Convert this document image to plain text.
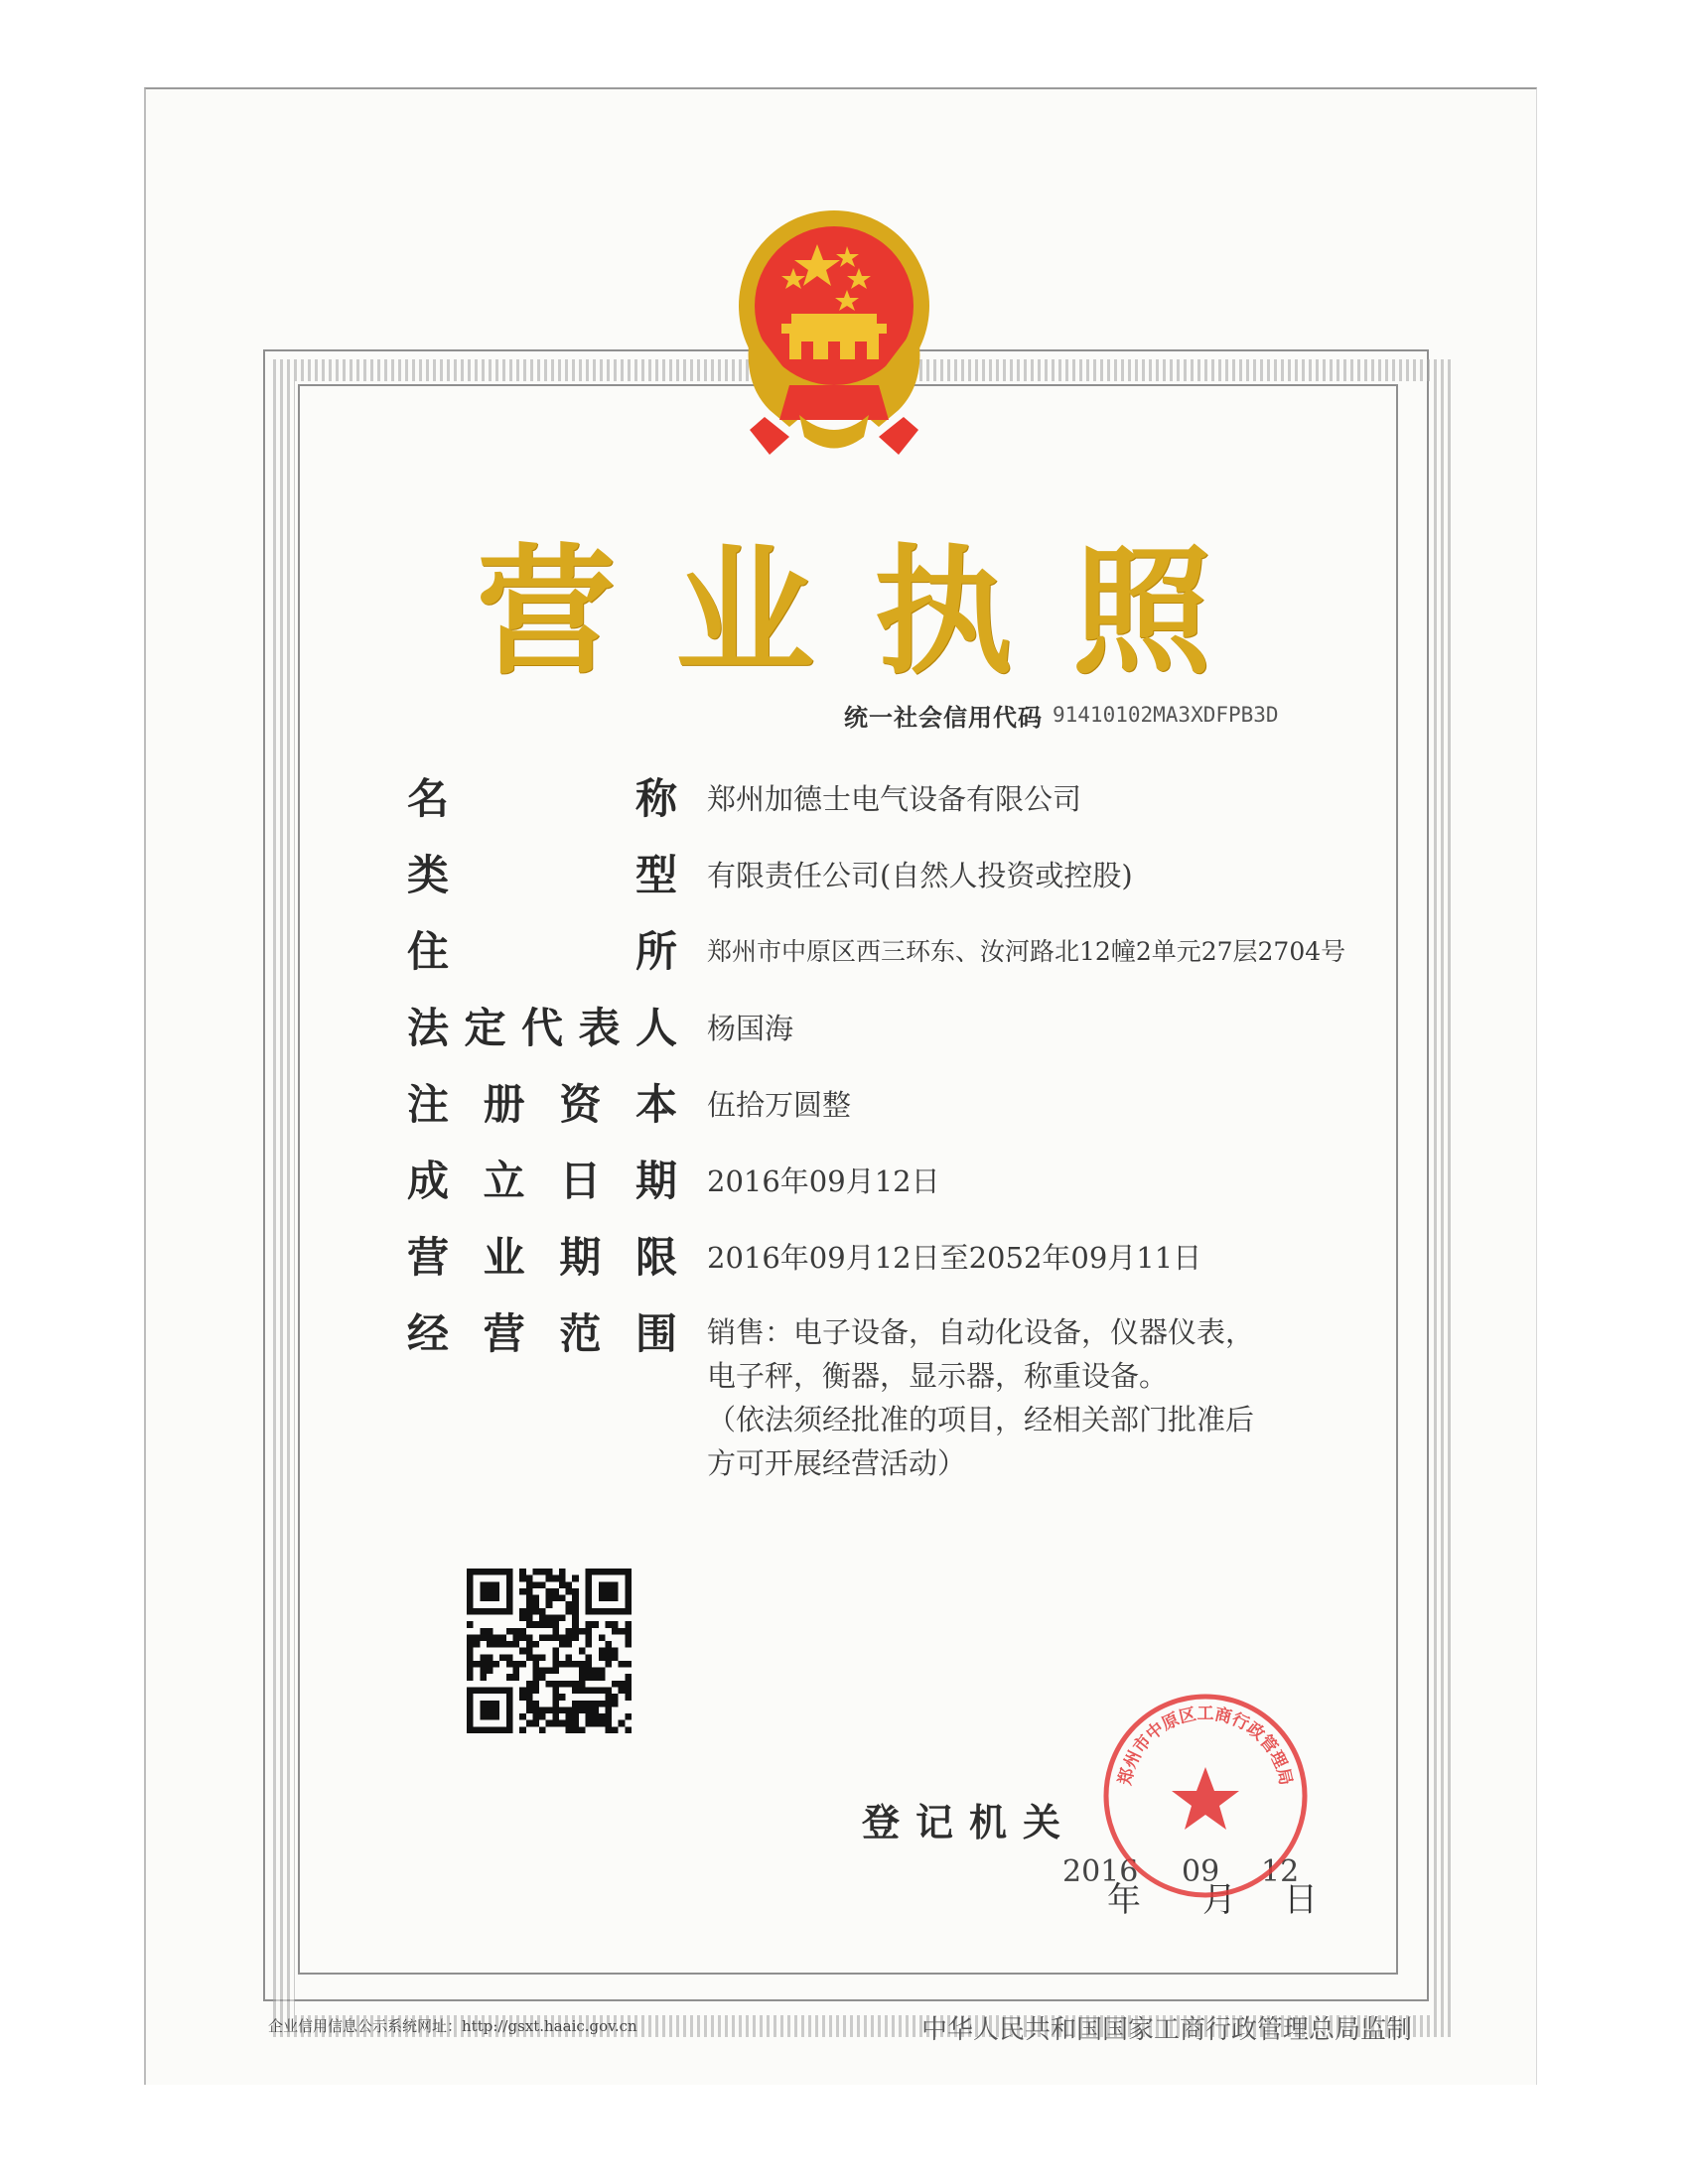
营 业 执 照
统一社会信用代码 91410102MA3XDFPB3D
名	称 郑州加德士电气设备有限公司
类	型 有限责任公司(自然人投资或控股)
住	所 郑州市中原区西三环东、汝河路北12幢2单元27层2704号
法 定 代 表 人 杨国海
注 册 资 本 伍拾万圆整
成 立 日 期 2016年09月12日
营 业 期 限 2016年09月12日至2052年09月11日
经 营 范 围 销售：电子设备，自动化设备，仪器仪表，
电子秤，衡器，显示器，称重设备。
（依法须经批准的项目，经相关部门批准后
方可开展经营活动）
登记机关
2016 09 12
年 月 日
郑州市中原区工商行政管理局
企业信用信息公示系统网址：http://gsxt.haaic.gov.cn	中华人民共和国国家工商行政管理总局监制
